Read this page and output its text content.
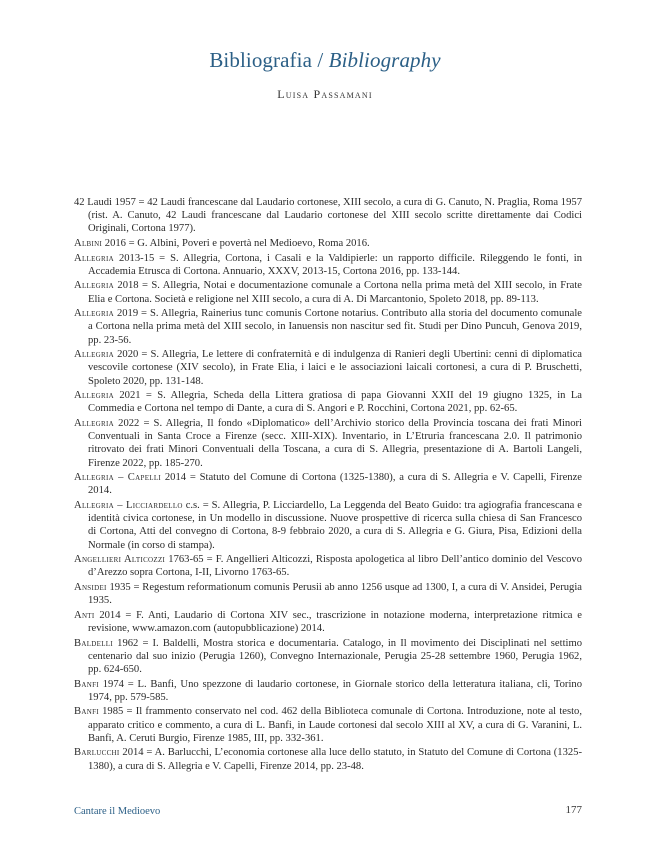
Bibliografia / Bibliography
Luisa Passamani

42 Laudi 1957 = 42 Laudi francescane dal Laudario cortonese, XIII secolo, a cura di G. Canuto, N. Praglia, Roma 1957 (rist. A. Canuto, 42 Laudi francescane dal Laudario cortonese del XIII secolo scritte direttamente dai Codici Originali, Cortona 1977).

Albini 2016 = G. Albini, Poveri e povertà nel Medioevo, Roma 2016.

Allegria 2013-15 = S. Allegria, Cortona, i Casali e la Valdipierle: un rapporto difficile. Rileggendo le fonti, in Accademia Etrusca di Cortona. Annuario, XXXV, 2013-15, Cortona 2016, pp. 133-144.

Allegria 2018 = S. Allegria, Notai e documentazione comunale a Cortona nella prima metà del XIII secolo, in Frate Elia e Cortona. Società e religione nel XIII secolo, a cura di A. Di Marcantonio, Spoleto 2018, pp. 89-113.

Allegria 2019 = S. Allegria, Rainerius tunc comunis Cortone notarius. Contributo alla storia del documento comunale a Cortona nella prima metà del XIII secolo, in Ianuensis non nascitur sed fit. Studi per Dino Puncuh, Genova 2019, pp. 23-56.

Allegria 2020 = S. Allegria, Le lettere di confraternità e di indulgenza di Ranieri degli Ubertini: cenni di diplomatica vescovile cortonese (XIV secolo), in Frate Elia, i laici e le associazioni laicali cortonesi, a cura di P. Bruschetti, Spoleto 2020, pp. 131-148.

Allegria 2021 = S. Allegria, Scheda della Littera gratiosa di papa Giovanni XXII del 19 giugno 1325, in La Commedia e Cortona nel tempo di Dante, a cura di S. Angori e P. Rocchini, Cortona 2021, pp. 62-65.

Allegria 2022 = S. Allegria, Il fondo «Diplomatico» dell’Archivio storico della Provincia toscana dei frati Minori Conventuali in Santa Croce a Firenze (secc. XIII-XIX). Inventario, in L’Etruria francescana 2.0. Il patrimonio ritrovato dei frati Minori Conventuali della Toscana, a cura di S. Allegria, presentazione di A. Bartoli Langeli, Firenze 2022, pp. 185-270.

Allegria – Capelli 2014 = Statuto del Comune di Cortona (1325-1380), a cura di S. Allegria e V. Capelli, Firenze 2014.

Allegria – Licciardello c.s. = S. Allegria, P. Licciardello, La Leggenda del Beato Guido: tra agiografia francescana e identità civica cortonese, in Un modello in discussione. Nuove prospettive di ricerca sulla chiesa di San Francesco di Cortona, Atti del convegno di Cortona, 8-9 febbraio 2020, a cura di S. Allegria e G. Giura, Pisa, Edizioni della Normale (in corso di stampa).

Angellieri Alticozzi 1763-65 = F. Angellieri Alticozzi, Risposta apologetica al libro Dell’antico dominio del Vescovo d’Arezzo sopra Cortona, I-II, Livorno 1763-65.

Ansidei 1935 = Regestum reformationum comunis Perusii ab anno 1256 usque ad 1300, I, a cura di V. Ansidei, Perugia 1935.

Anti 2014 = F. Anti, Laudario di Cortona XIV sec., trascrizione in notazione moderna, interpretazione ritmica e revisione, www.amazon.com (autopubblicazione) 2014.

Baldelli 1962 = I. Baldelli, Mostra storica e documentaria. Catalogo, in Il movimento dei Disciplinati nel settimo centenario dal suo inizio (Perugia 1260), Convegno Internazionale, Perugia 25-28 settembre 1960, Perugia 1962, pp. 624-650.

Banfi 1974 = L. Banfi, Uno spezzone di laudario cortonese, in Giornale storico della letteratura italiana, cli, Torino 1974, pp. 579-585.

Banfi 1985 = Il frammento conservato nel cod. 462 della Biblioteca comunale di Cortona. Introduzione, note al testo, apparato critico e commento, a cura di L. Banfi, in Laude cortonesi dal secolo XIII al XV, a cura di G. Varanini, L. Banfi, A. Ceruti Burgio, Firenze 1985, III, pp. 332-361.

Barlucchi 2014 = A. Barlucchi, L’economia cortonese alla luce dello statuto, in Statuto del Comune di Cortona (1325-1380), a cura di S. Allegria e V. Capelli, Firenze 2014, pp. 23-48.

Cantare il Medioevo	177
